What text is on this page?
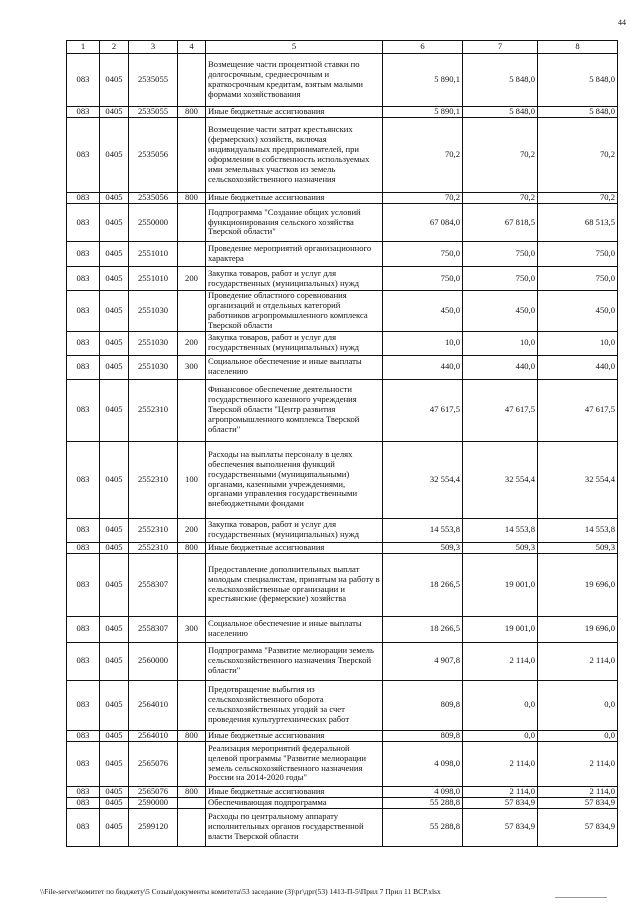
44
1	2	3	4	5	6	7	8
083	0405	2535055		Возмещение части процентной ставки по долгосрочным, среднесрочным и краткосрочным кредитам, взятым малыми формами хозяйствования	5 890,1	5 848,0	5 848,0
083	0405	2535055	800	Иные бюджетные ассигнования	5 890,1	5 848,0	5 848,0
083	0405	2535056		Возмещение части затрат крестьянских (фермерских) хозяйств, включая индивидуальных предпринимателей, при оформлении в собственность используемых ими земельных участков из земель сельскохозяйственного назначения	70,2	70,2	70,2
083	0405	2535056	800	Иные бюджетные ассигнования	70,2	70,2	70,2
083	0405	2550000		Подпрограмма "Создание общих условий функционирования сельского хозяйства Тверской области"	67 084,0	67 818,5	68 513,5
083	0405	2551010		Проведение мероприятий организационного характера	750,0	750,0	750,0
083	0405	2551010	200	Закупка товаров, работ и услуг для государственных (муниципальных) нужд	750,0	750,0	750,0
083	0405	2551030		Проведение областного соревнования организаций и отдельных категорий работников агропромышленного комплекса Тверской области	450,0	450,0	450,0
083	0405	2551030	200	Закупка товаров, работ и услуг для государственных (муниципальных) нужд	10,0	10,0	10,0
083	0405	2551030	300	Социальное обеспечение и иные выплаты населению	440,0	440,0	440,0
083	0405	2552310		Финансовое обеспечение деятельности государственного казенного учреждения Тверской области "Центр развития агропромышленного комплекса Тверской области"	47 617,5	47 617,5	47 617,5
083	0405	2552310	100	Расходы на выплаты персоналу в целях обеспечения выполнения функций государственными (муниципальными) органами, казенными учреждениями, органами управления государственными внебюджетными фондами	32 554,4	32 554,4	32 554,4
083	0405	2552310	200	Закупка товаров, работ и услуг для государственных (муниципальных) нужд	14 553,8	14 553,8	14 553,8
083	0405	2552310	800	Иные бюджетные ассигнования	509,3	509,3	509,3
083	0405	2558307		Предоставление дополнительных выплат молодым специалистам, принятым на работу в сельскохозяйственные организации и крестьянские (фермерские) хозяйства	18 266,5	19 001,0	19 696,0
083	0405	2558307	300	Социальное обеспечение и иные выплаты населению	18 266,5	19 001,0	19 696,0
083	0405	2560000		Подпрограмма "Развитие мелиорации земель сельскохозяйственного назначения Тверской области"	4 907,8	2 114,0	2 114,0
083	0405	2564010		Предотвращение выбытия из сельскохозяйственного оборота сельскохозяйственных угодий за счет проведения культуртехнических работ	809,8	0,0	0,0
083	0405	2564010	800	Иные бюджетные ассигнования	809,8	0,0	0,0
083	0405	2565076		Реализация мероприятий федеральной целевой программы "Развитие мелиорации земель сельскохозяйственного назначения России на 2014-2020 годы"	4 098,0	2 114,0	2 114,0
083	0405	2565076	800	Иные бюджетные ассигнования	4 098,0	2 114,0	2 114,0
083	0405	2590000		Обеспечивающая подпрограмма	55 288,8	57 834,9	57 834,9
083	0405	2599120		Расходы по центральному аппарату исполнительных органов государственной власти Тверской области	55 288,8	57 834,9	57 834,9
\\File-server\комитет по бюджету\5 Созыв\документы комитета\53 заседание (3)\рг\дрг(53) 1413-П-5\Прил 7 Прил 11 ВСР.xlsx
